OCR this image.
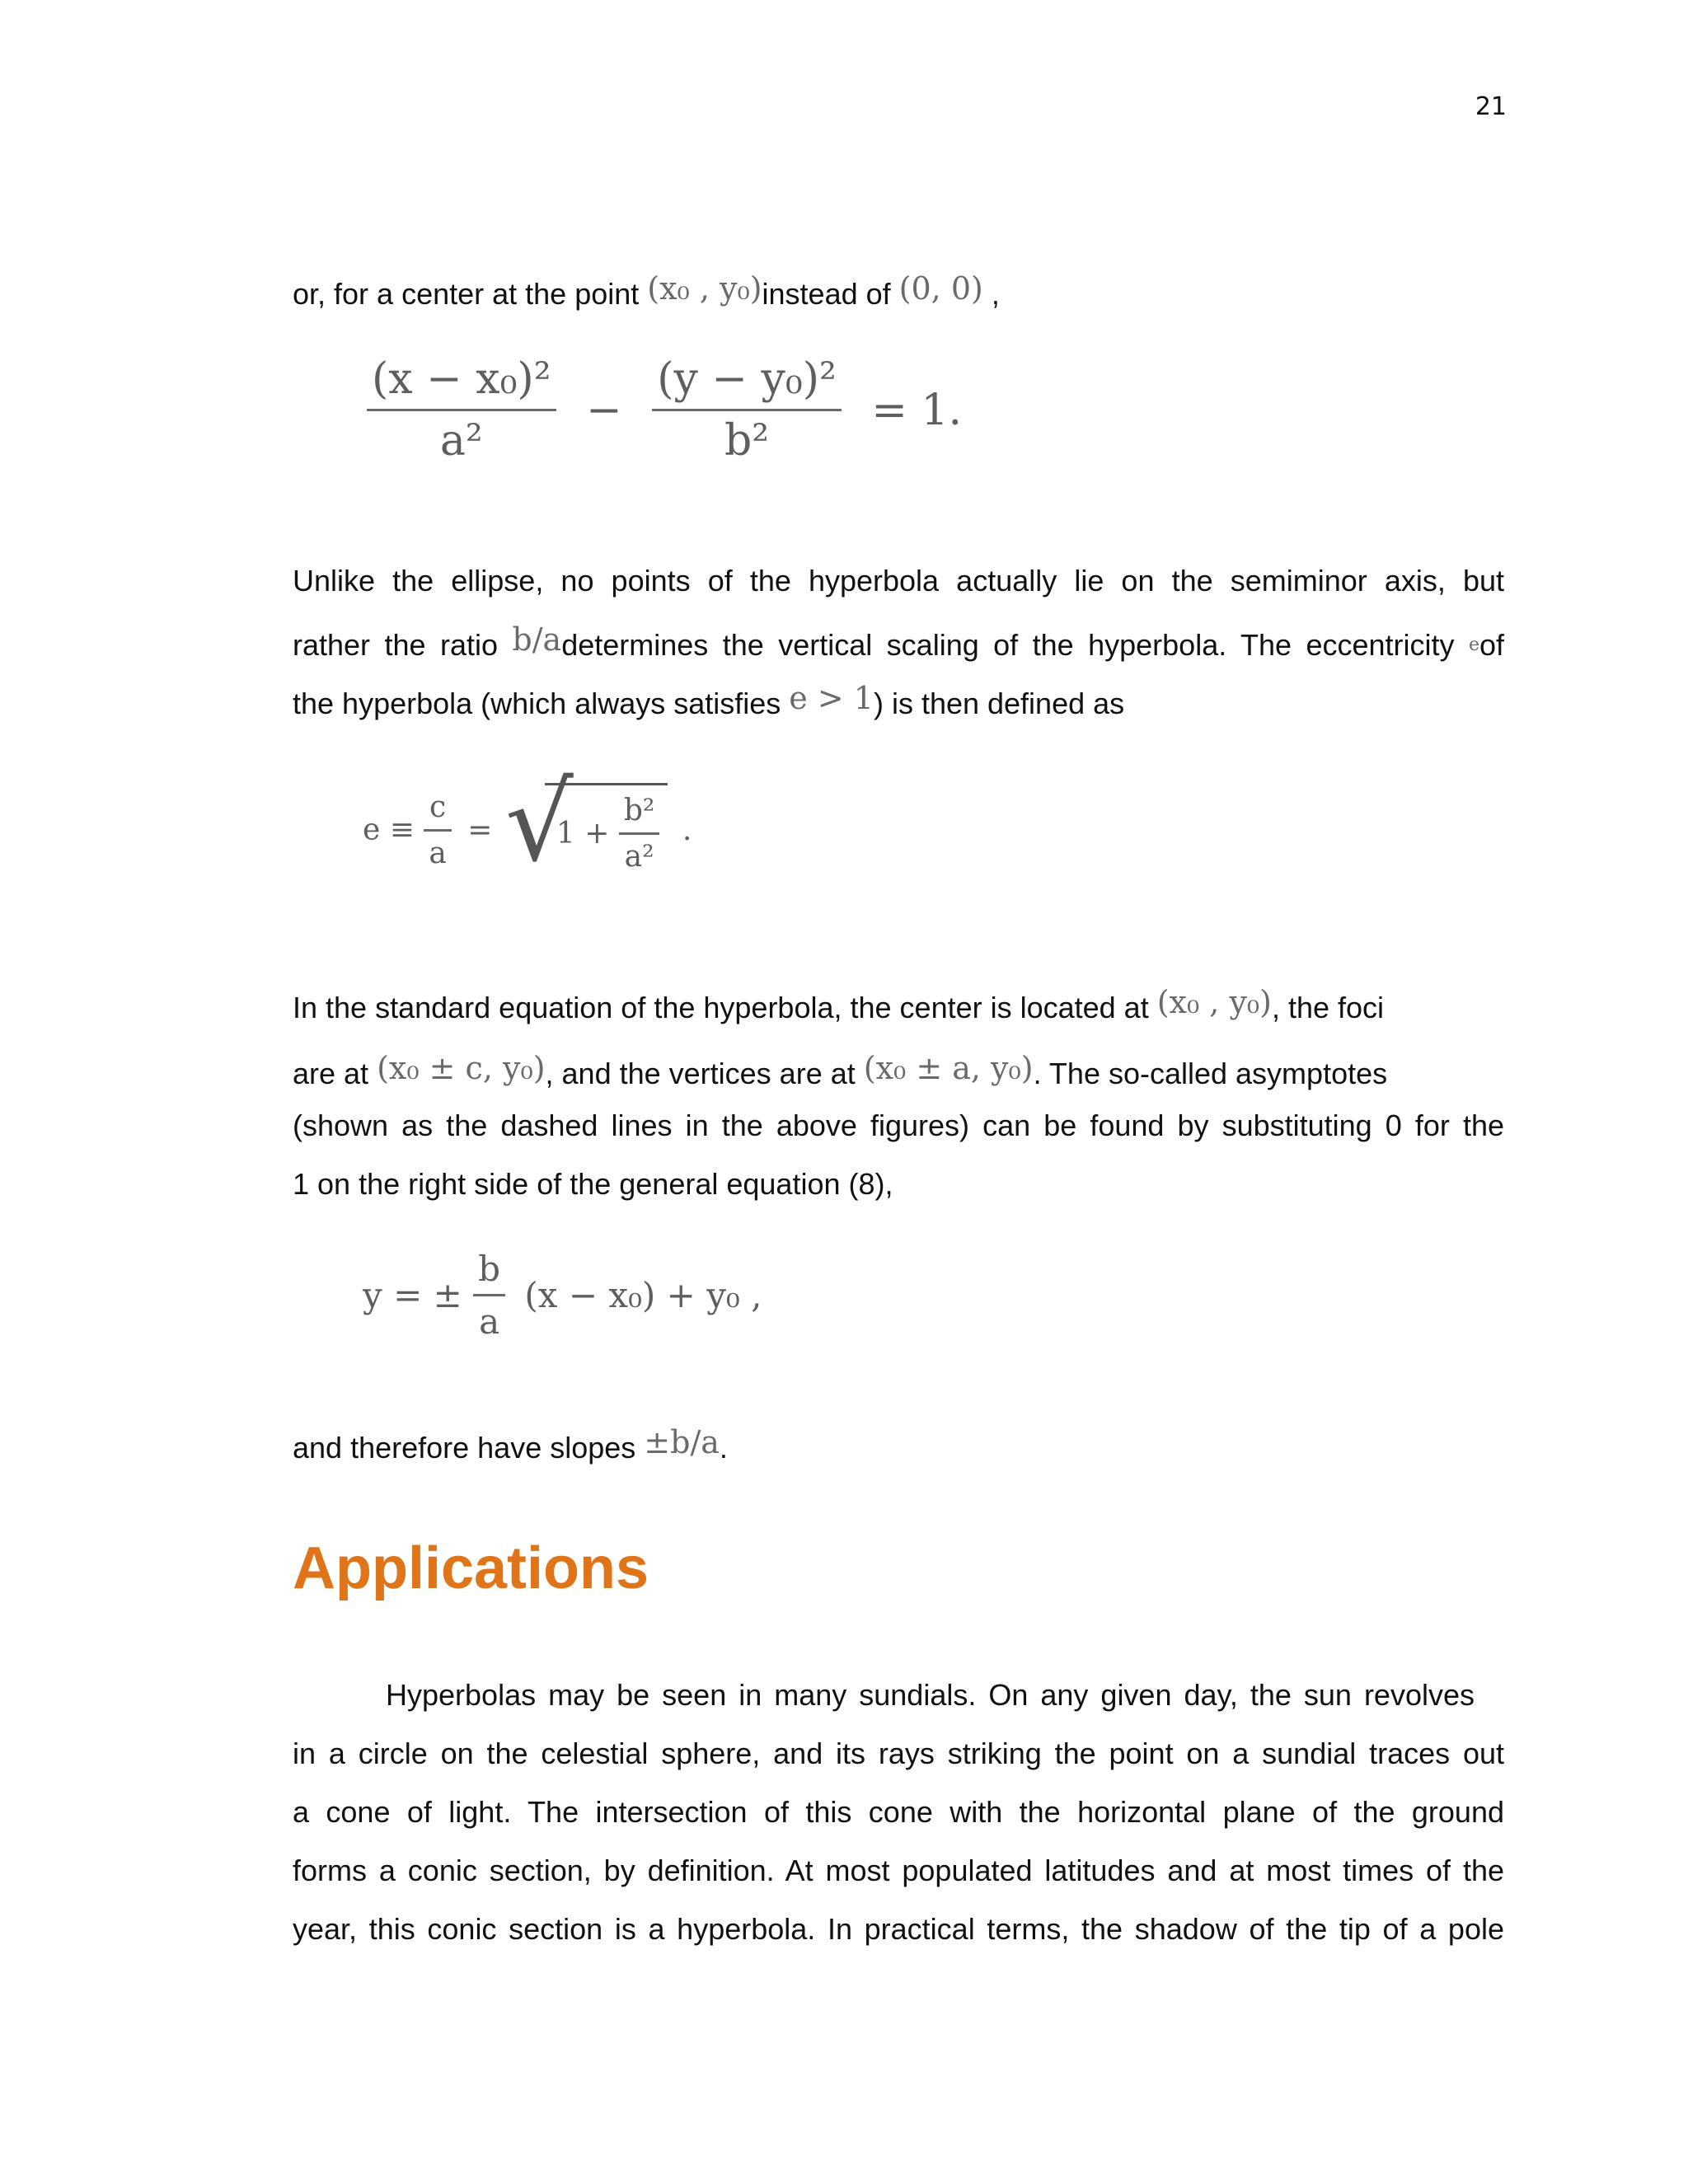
21
or, for a center at the point (x₀ , y₀)instead of (0, 0) ,
$\frac{\text{(x − x₀)²}}{\text{a²}} - \frac{\text{(y − y₀)²}}{\text{b²}} = 1$.
Unlike the ellipse, no points of the hyperbola actually lie on the semiminor axis, but
rather the ratio b/adetermines the vertical scaling of the hyperbola. The eccentricity eof
the hyperbola (which always satisfies e > 1) is then defined as
$e \equiv \frac{c}{a}$ = √ $1 + \frac{\text{b²}}{\text{a²}}$ .
In the standard equation of the hyperbola, the center is located at (x₀ , y₀), the foci
are at (x₀ ± c, y₀), and the vertices are at (x₀ ± a, y₀). The so-called asymptotes
(shown as the dashed lines in the above figures) can be found by substituting 0 for the
1 on the right side of the general equation (8),
y = ± $\frac{b}{a} (x - x_0) + y_0$ ,
and therefore have slopes ±b/a.
Applications
Hyperbolas may be seen in many sundials. On any given day, the sun revolves
in a circle on the celestial sphere, and its rays striking the point on a sundial traces out
a cone of light. The intersection of this cone with the horizontal plane of the ground
forms a conic section, by definition. At most populated latitudes and at most times of the
year, this conic section is a hyperbola. In practical terms, the shadow of the tip of a pole
